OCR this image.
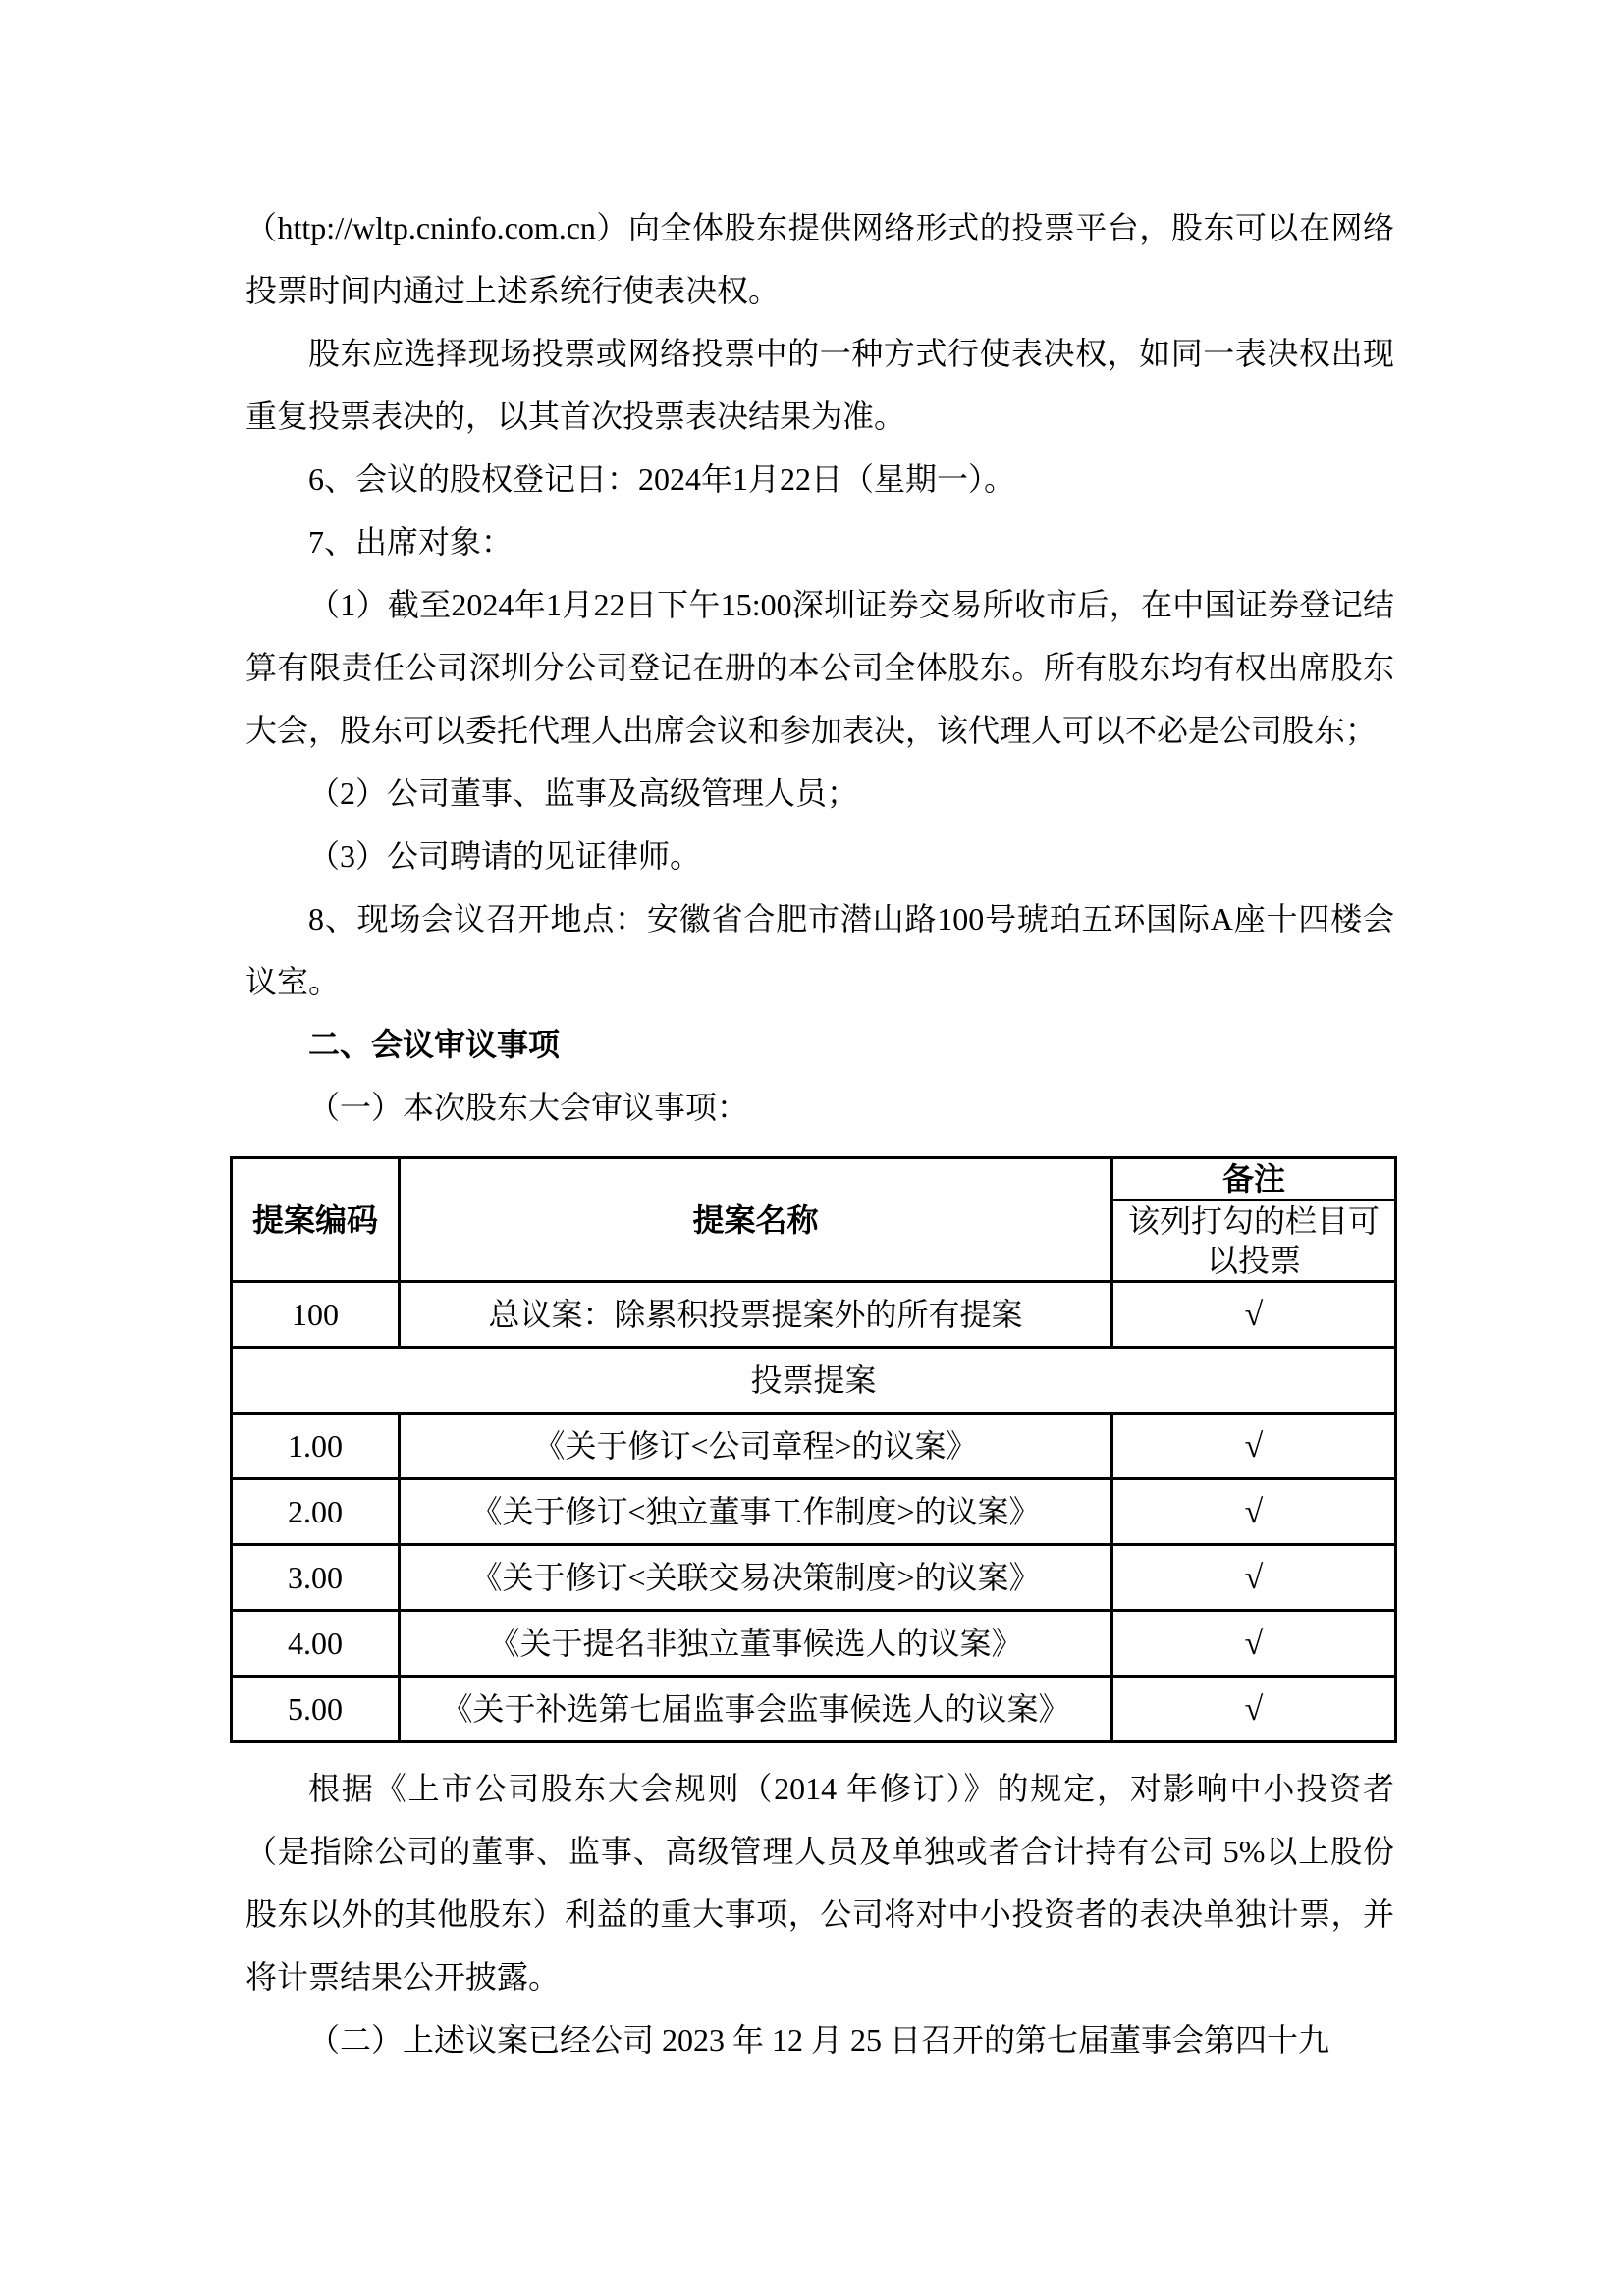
（http://wltp.cninfo.com.cn）向全体股东提供网络形式的投票平台，股东可以在网络投票时间内通过上述系统行使表决权。

股东应选择现场投票或网络投票中的一种方式行使表决权，如同一表决权出现重复投票表决的，以其首次投票表决结果为准。

6、会议的股权登记日：2024年1月22日（星期一）。

7、出席对象：

（1）截至2024年1月22日下午15:00深圳证券交易所收市后，在中国证券登记结算有限责任公司深圳分公司登记在册的本公司全体股东。所有股东均有权出席股东大会，股东可以委托代理人出席会议和参加表决，该代理人可以不必是公司股东；

（2）公司董事、监事及高级管理人员；

（3）公司聘请的见证律师。

8、现场会议召开地点：安徽省合肥市潜山路100号琥珀五环国际A座十四楼会议室。

二、会议审议事项

（一）本次股东大会审议事项：

提案编码	提案名称	备注
		该列打勾的栏目可以投票
100	总议案：除累积投票提案外的所有提案	√
投票提案		
1.00	《关于修订<公司章程>的议案》	√
2.00	《关于修订<独立董事工作制度>的议案》	√
3.00	《关于修订<关联交易决策制度>的议案》	√
4.00	《关于提名非独立董事候选人的议案》	√
5.00	《关于补选第七届监事会监事候选人的议案》	√

根据《上市公司股东大会规则（2014 年修订）》的规定，对影响中小投资者（是指除公司的董事、监事、高级管理人员及单独或者合计持有公司 5%以上股份股东以外的其他股东）利益的重大事项，公司将对中小投资者的表决单独计票，并将计票结果公开披露。

（二）上述议案已经公司 2023 年 12 月 25 日召开的第七届董事会第四十九
